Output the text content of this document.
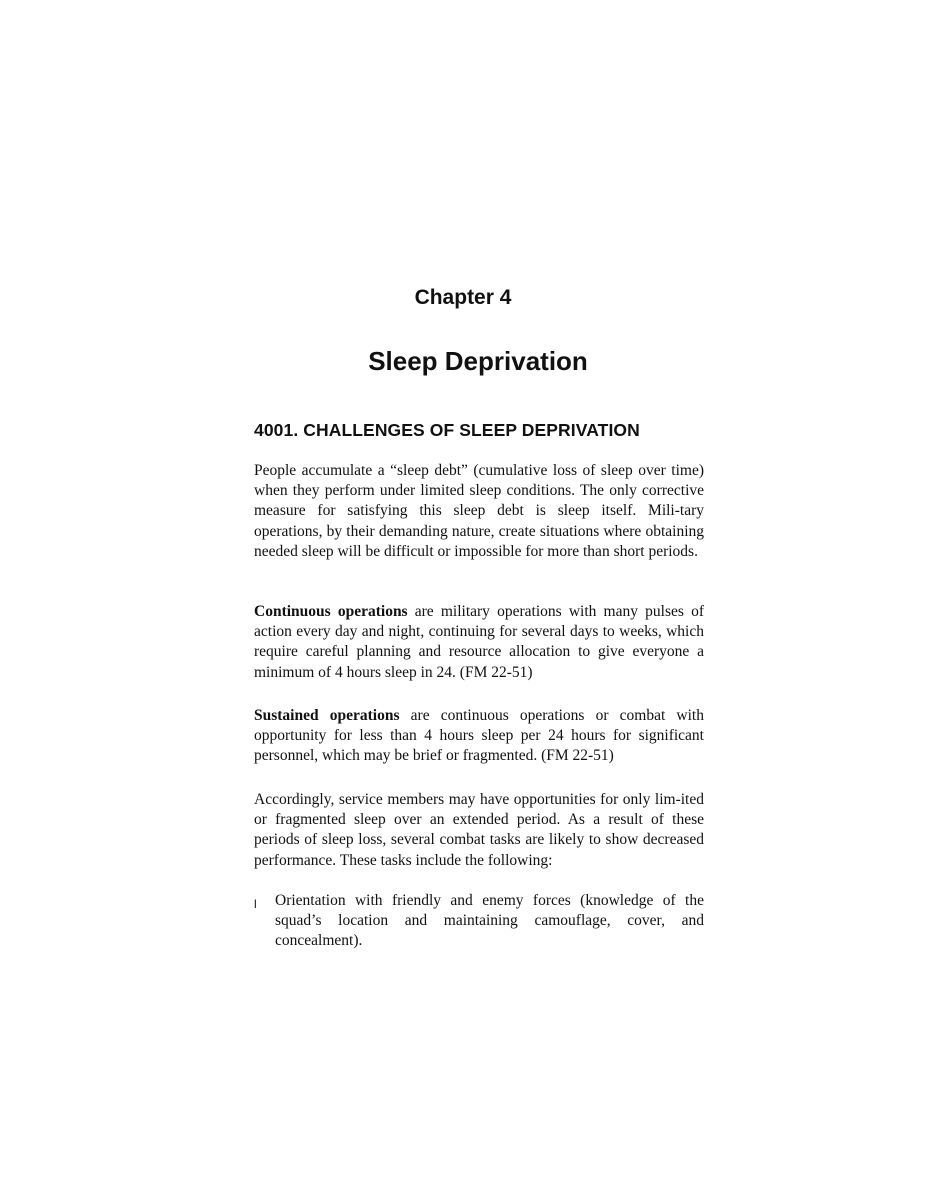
Chapter 4
Sleep Deprivation
4001. CHALLENGES OF SLEEP DEPRIVATION

People accumulate a “sleep debt” (cumulative loss of sleep over time) when they perform under limited sleep conditions. The only corrective measure for satisfying this sleep debt is sleep itself. Mili-tary operations, by their demanding nature, create situations where obtaining needed sleep will be difficult or impossible for more than short periods.

Continuous operations are military operations with many pulses of action every day and night, continuing for several days to weeks, which require careful planning and resource allocation to give everyone a minimum of 4 hours sleep in 24. (FM 22-51)

Sustained operations are continuous operations or combat with opportunity for less than 4 hours sleep per 24 hours for significant personnel, which may be brief or fragmented. (FM 22-51)

Accordingly, service members may have opportunities for only lim-ited or fragmented sleep over an extended period. As a result of these periods of sleep loss, several combat tasks are likely to show decreased performance. These tasks include the following:

l Orientation with friendly and enemy forces (knowledge of the squad’s location and maintaining camouflage, cover, and concealment).
